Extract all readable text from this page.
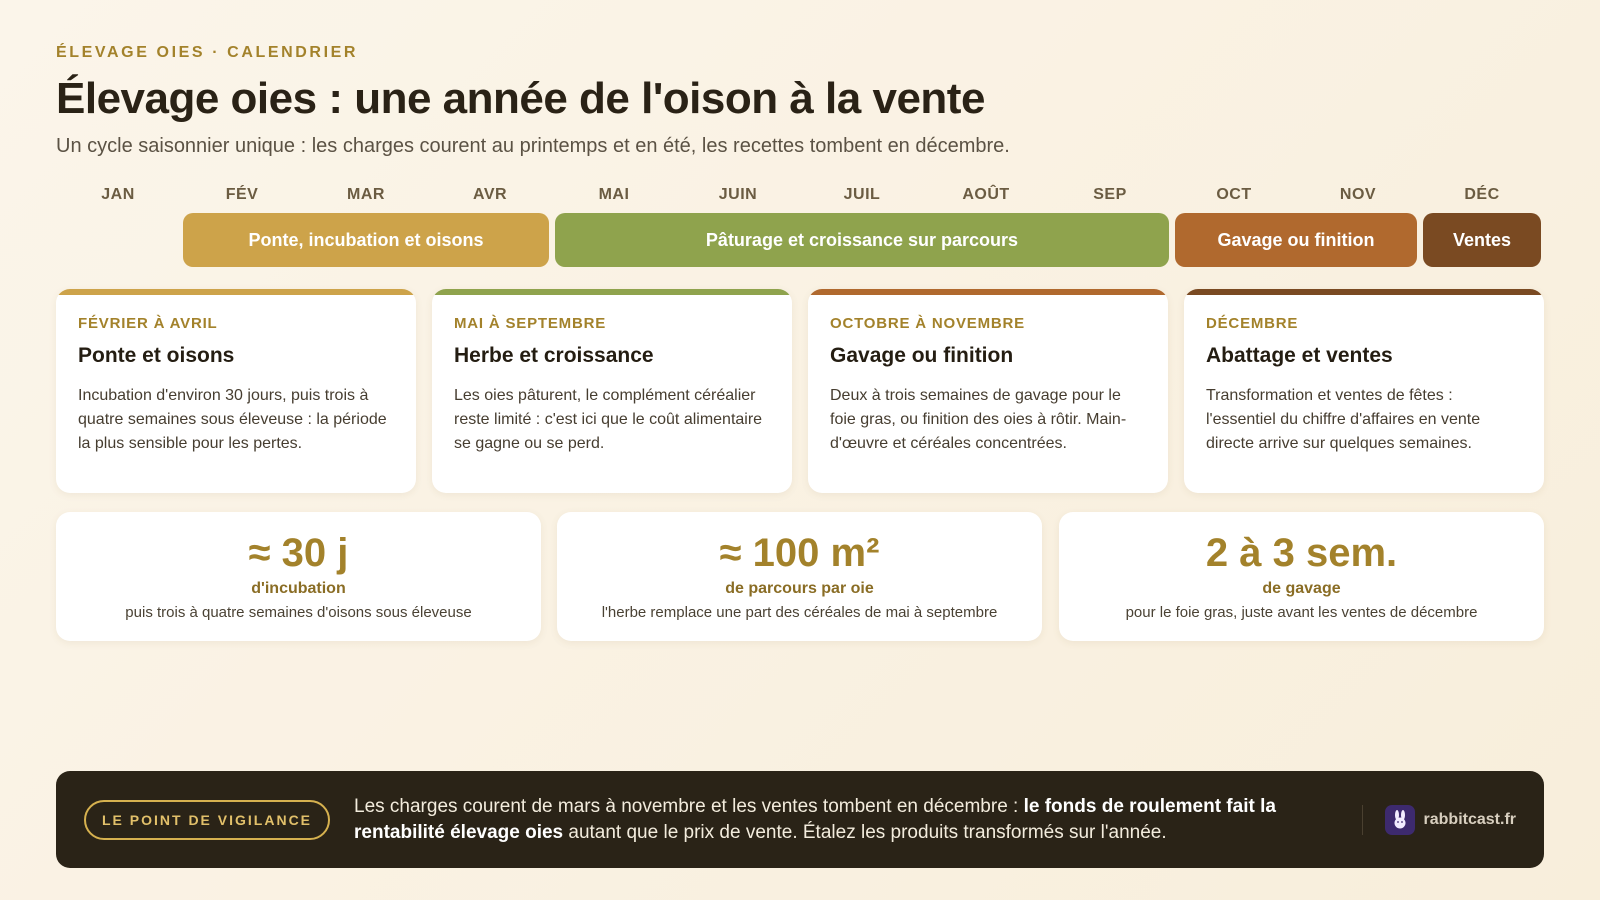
ÉLEVAGE OIES · CALENDRIER
Élevage oies : une année de l'oison à la vente

Un cycle saisonnier unique : les charges courent au printemps et en été, les recettes tombent en décembre.

JAN	FÉV	MAR	AVR	MAI	JUIN	JUIL	AOÛT	SEP	OCT	NOV	DÉC
Ponte, incubation et oisons	Pâturage et croissance sur parcours	Gavage ou finition	Ventes
FÉVRIER À AVRIL
Ponte et oisons
Incubation d'environ 30 jours, puis trois à quatre semaines sous éleveuse : la période la plus sensible pour les pertes.
MAI À SEPTEMBRE
Herbe et croissance
Les oies pâturent, le complément céréalier reste limité : c'est ici que le coût alimentaire se gagne ou se perd.
OCTOBRE À NOVEMBRE
Gavage ou finition
Deux à trois semaines de gavage pour le foie gras, ou finition des oies à rôtir. Main-d'œuvre et céréales concentrées.
DÉCEMBRE
Abattage et ventes
Transformation et ventes de fêtes : l'essentiel du chiffre d'affaires en vente directe arrive sur quelques semaines.
≈ 30 j
d'incubation
puis trois à quatre semaines d'oisons sous éleveuse
≈ 100 m²
de parcours par oie
l'herbe remplace une part des céréales de mai à septembre
2 à 3 sem.
de gavage
pour le foie gras, juste avant les ventes de décembre
LE POINT DE VIGILANCE

Les charges courent de mars à novembre et les ventes tombent en décembre : le fonds de roulement fait la rentabilité élevage oies autant que le prix de vente. Étalez les produits transformés sur l'année.

rabbitcast.fr
